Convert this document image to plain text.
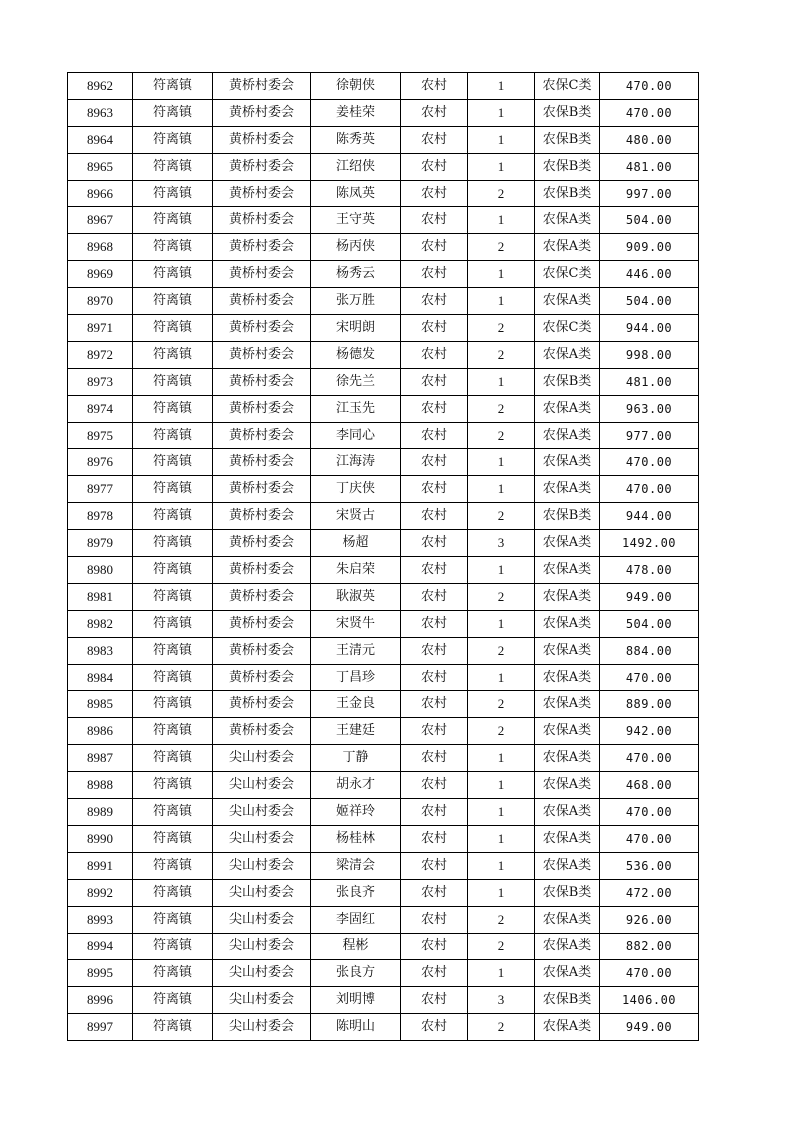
8962	符离镇	黄桥村委会	徐朝侠	农村	1	农保C类	470.00
8963	符离镇	黄桥村委会	姜桂荣	农村	1	农保B类	470.00
8964	符离镇	黄桥村委会	陈秀英	农村	1	农保B类	480.00
8965	符离镇	黄桥村委会	江绍侠	农村	1	农保B类	481.00
8966	符离镇	黄桥村委会	陈凤英	农村	2	农保B类	997.00
8967	符离镇	黄桥村委会	王守英	农村	1	农保A类	504.00
8968	符离镇	黄桥村委会	杨丙侠	农村	2	农保A类	909.00
8969	符离镇	黄桥村委会	杨秀云	农村	1	农保C类	446.00
8970	符离镇	黄桥村委会	张万胜	农村	1	农保A类	504.00
8971	符离镇	黄桥村委会	宋明朗	农村	2	农保C类	944.00
8972	符离镇	黄桥村委会	杨德发	农村	2	农保A类	998.00
8973	符离镇	黄桥村委会	徐先兰	农村	1	农保B类	481.00
8974	符离镇	黄桥村委会	江玉先	农村	2	农保A类	963.00
8975	符离镇	黄桥村委会	李同心	农村	2	农保A类	977.00
8976	符离镇	黄桥村委会	江海涛	农村	1	农保A类	470.00
8977	符离镇	黄桥村委会	丁庆侠	农村	1	农保A类	470.00
8978	符离镇	黄桥村委会	宋贤古	农村	2	农保B类	944.00
8979	符离镇	黄桥村委会	杨超	农村	3	农保A类	1492.00
8980	符离镇	黄桥村委会	朱启荣	农村	1	农保A类	478.00
8981	符离镇	黄桥村委会	耿淑英	农村	2	农保A类	949.00
8982	符离镇	黄桥村委会	宋贤牛	农村	1	农保A类	504.00
8983	符离镇	黄桥村委会	王清元	农村	2	农保A类	884.00
8984	符离镇	黄桥村委会	丁昌珍	农村	1	农保A类	470.00
8985	符离镇	黄桥村委会	王金良	农村	2	农保A类	889.00
8986	符离镇	黄桥村委会	王建廷	农村	2	农保A类	942.00
8987	符离镇	尖山村委会	丁静	农村	1	农保A类	470.00
8988	符离镇	尖山村委会	胡永才	农村	1	农保A类	468.00
8989	符离镇	尖山村委会	姬祥玲	农村	1	农保A类	470.00
8990	符离镇	尖山村委会	杨桂林	农村	1	农保A类	470.00
8991	符离镇	尖山村委会	梁清会	农村	1	农保A类	536.00
8992	符离镇	尖山村委会	张良齐	农村	1	农保B类	472.00
8993	符离镇	尖山村委会	李固红	农村	2	农保A类	926.00
8994	符离镇	尖山村委会	程彬	农村	2	农保A类	882.00
8995	符离镇	尖山村委会	张良方	农村	1	农保A类	470.00
8996	符离镇	尖山村委会	刘明博	农村	3	农保B类	1406.00
8997	符离镇	尖山村委会	陈明山	农村	2	农保A类	949.00
